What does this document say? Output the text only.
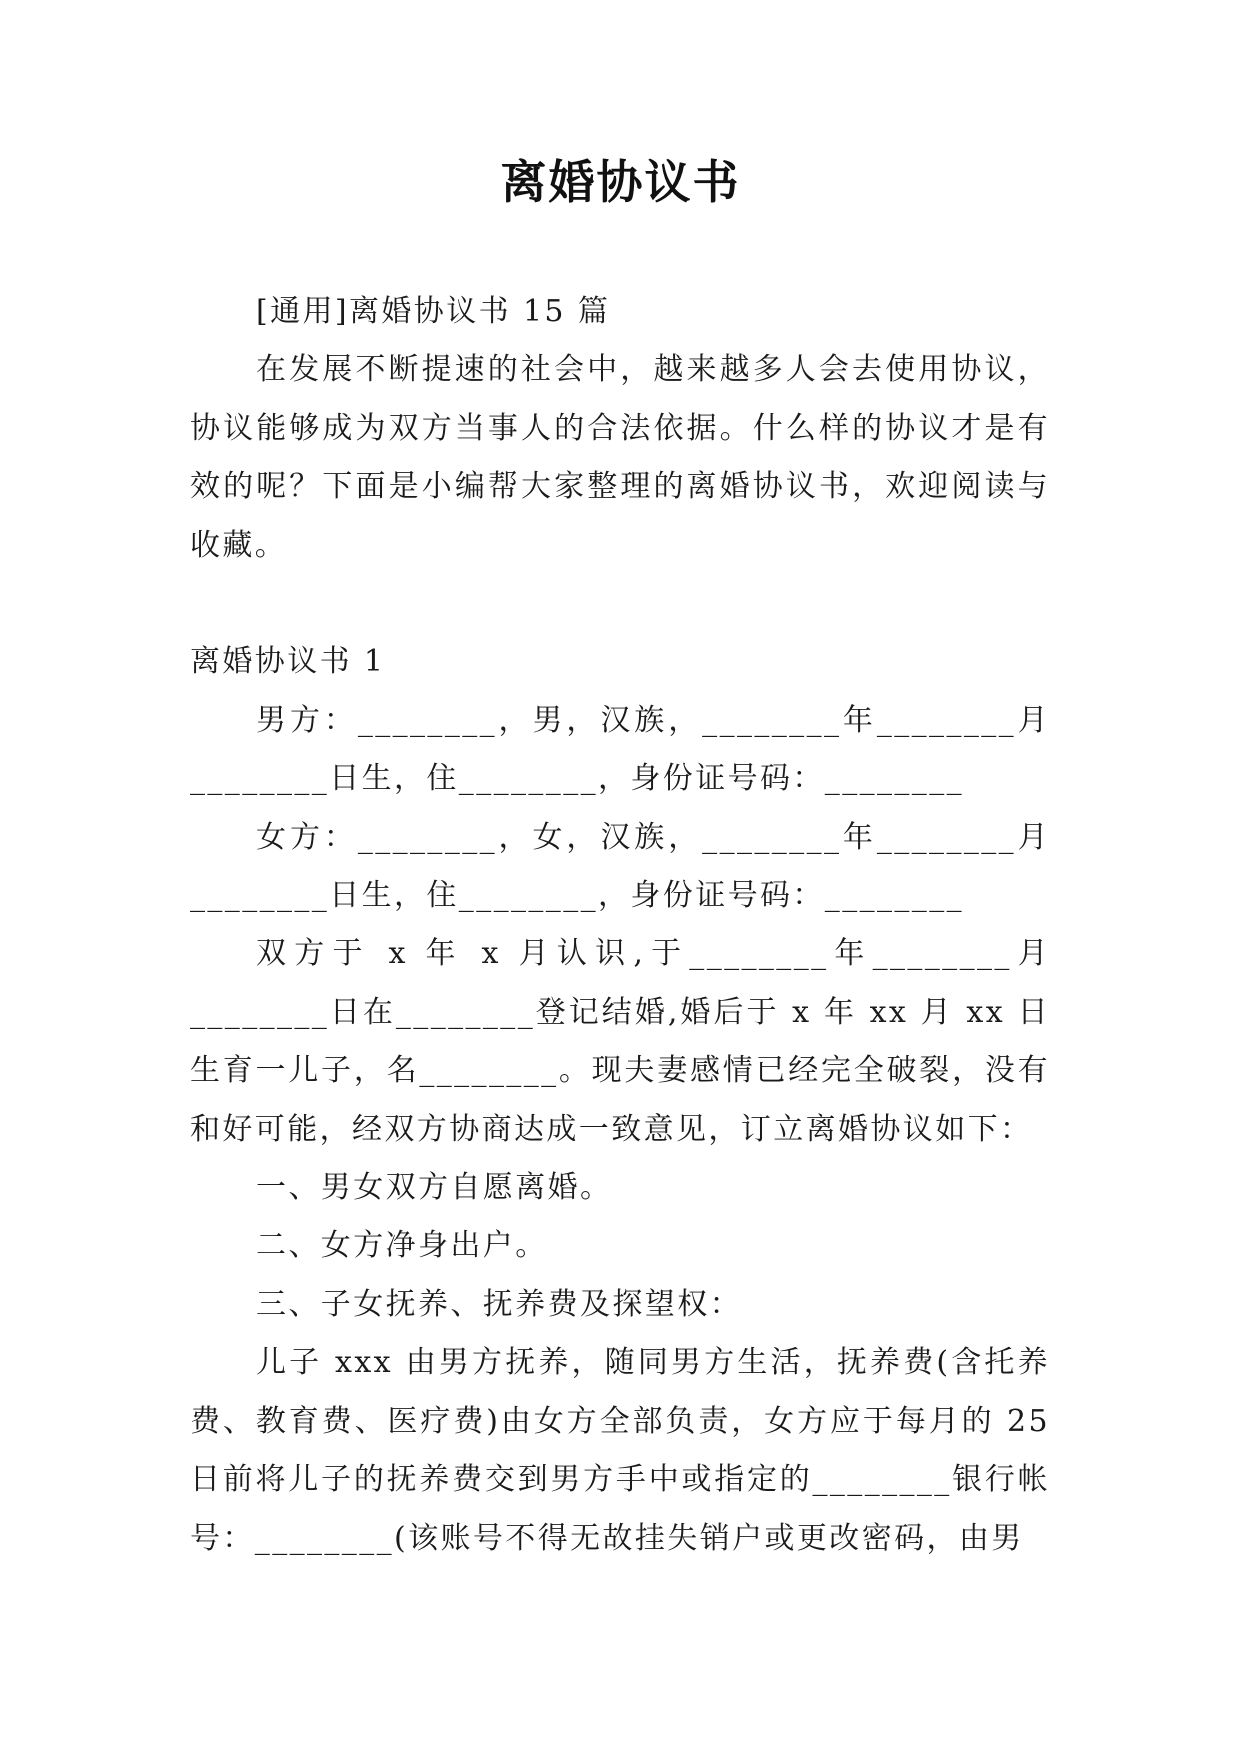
离婚协议书

[通用]离婚协议书 15 篇

在发展不断提速的社会中，越来越多人会去使用协议，协议能够成为双方当事人的合法依据。什么样的协议才是有效的呢？下面是小编帮大家整理的离婚协议书，欢迎阅读与收藏。

离婚协议书 1

男方：________，男，汉族，________年________月________日生，住________，身份证号码：________

女方：________，女，汉族，________年________月________日生，住________，身份证号码：________

双方于 x 年 x 月认识,于________年________月________日在________登记结婚,婚后于 x 年 xx 月 xx 日生育一儿子，名________。现夫妻感情已经完全破裂，没有和好可能，经双方协商达成一致意见，订立离婚协议如下：

一、男女双方自愿离婚。

二、女方净身出户。

三、子女抚养、抚养费及探望权：

儿子 xxx 由男方抚养，随同男方生活，抚养费(含托养费、教育费、医疗费)由女方全部负责，女方应于每月的 25 日前将儿子的抚养费交到男方手中或指定的________银行帐号：________(该账号不得无故挂失销户或更改密码，由男
